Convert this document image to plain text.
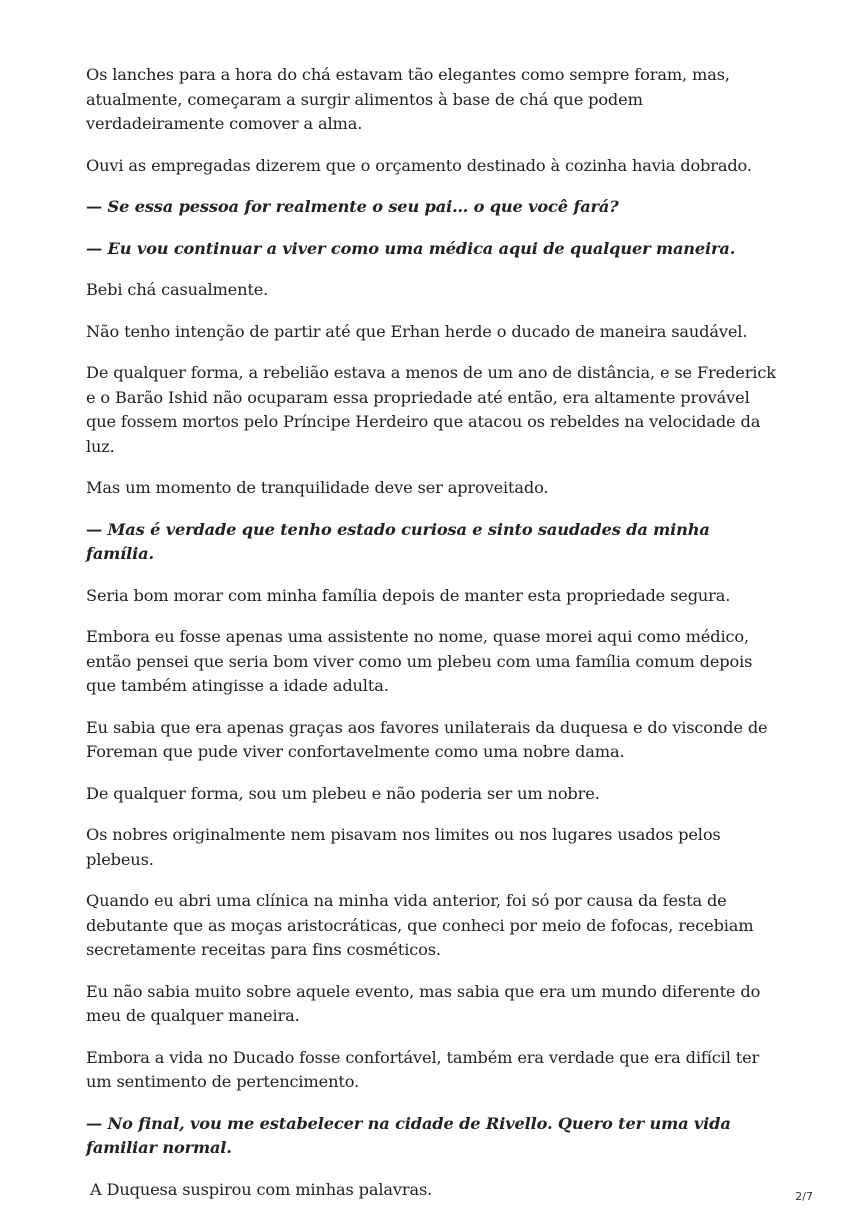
Os lanches para a hora do chá estavam tão elegantes como sempre foram, mas, atualmente, começaram a surgir alimentos à base de chá que podem verdadeiramente comover a alma.

Ouvi as empregadas dizerem que o orçamento destinado à cozinha havia dobrado.

— Se essa pessoa for realmente o seu pai… o que você fará?

— Eu vou continuar a viver como uma médica aqui de qualquer maneira.

Bebi chá casualmente.

Não tenho intenção de partir até que Erhan herde o ducado de maneira saudável.

De qualquer forma, a rebelião estava a menos de um ano de distância, e se Frederick e o Barão Ishid não ocuparam essa propriedade até então, era altamente provável que fossem mortos pelo Príncipe Herdeiro que atacou os rebeldes na velocidade da luz.

Mas um momento de tranquilidade deve ser aproveitado.

— Mas é verdade que tenho estado curiosa e sinto saudades da minha família.

Seria bom morar com minha família depois de manter esta propriedade segura.

Embora eu fosse apenas uma assistente no nome, quase morei aqui como médico, então pensei que seria bom viver como um plebeu com uma família comum depois que também atingisse a idade adulta.

Eu sabia que era apenas graças aos favores unilaterais da duquesa e do visconde de Foreman que pude viver confortavelmente como uma nobre dama.

De qualquer forma, sou um plebeu e não poderia ser um nobre.

Os nobres originalmente nem pisavam nos limites ou nos lugares usados pelos plebeus.

Quando eu abri uma clínica na minha vida anterior, foi só por causa da festa de debutante que as moças aristocráticas, que conheci por meio de fofocas, recebiam secretamente receitas para fins cosméticos.

Eu não sabia muito sobre aquele evento, mas sabia que era um mundo diferente do meu de qualquer maneira.

Embora a vida no Ducado fosse confortável, também era verdade que era difícil ter um sentimento de pertencimento.

— No final, vou me estabelecer na cidade de Rivello. Quero ter uma vida familiar normal.

A Duquesa suspirou com minhas palavras.	2/7
